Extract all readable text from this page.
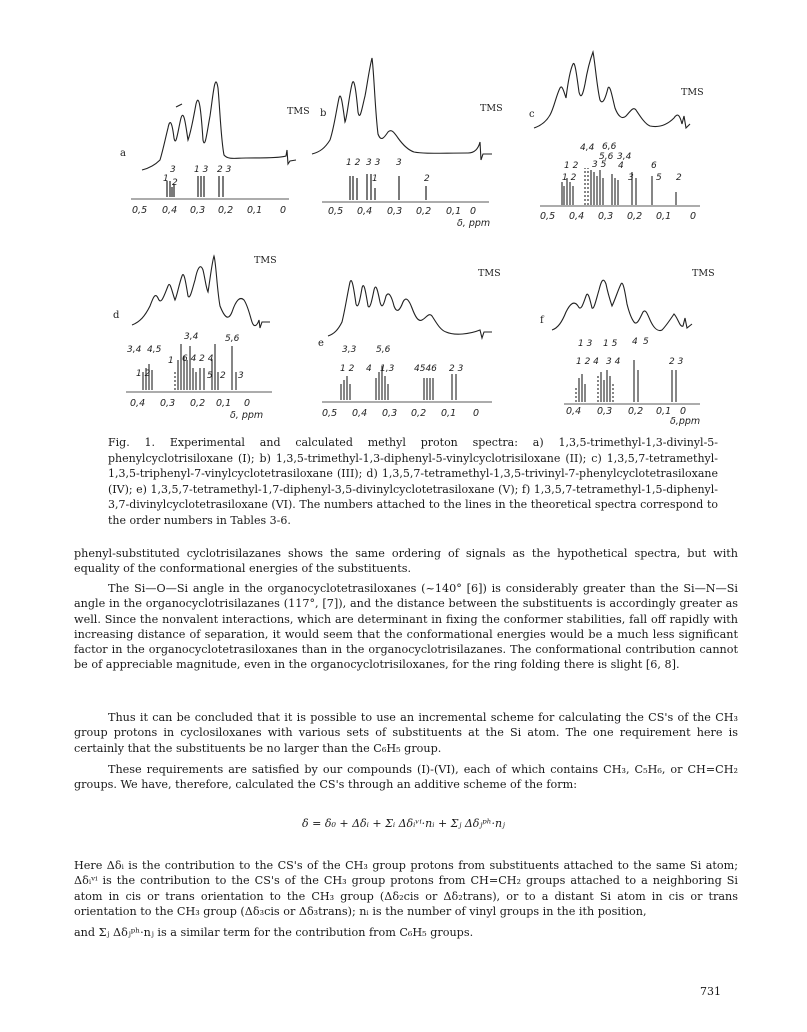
a
TMS
3
1 2
1 3 2 3
0,5 0,4 0,3 0,2 0,1 0
b	TMS
1 2 3 3 3
1	2
0,5 0,4 0,3 0,2 0,1 0
δ, ppm
c
TMS
4,4 6,6
5,6 3,4
1 2 3 5 4	6
1 2	3 5 2
0,5 0,4 0,3 0,2 0,1 0
d
TMS
3,4 4,5
3,4	5,6
1 6 4 2 4
1 2	5 2 3
0,4 0,3 0,2 0,1 0
δ, ppm
e
TMS
3,3 5,6
1 2 4 1,3 4546 2 3
0,5 0,4 0,3 0,2 0,1 0
f
TMS
1 3 1 5 4 5
1 2 4 3 4	2 3
0,4 0,3 0,2 0,1 0
δ,ppm
Fig. 1. Experimental and calculated methyl proton spectra: a) 1,3,5-trimethyl-1,3-divinyl-5-phenylcyclotrisiloxane (I); b) 1,3,5-trimethyl-1,3-diphenyl-5-vinylcyclotrisiloxane (II); c) 1,3,5,7-tetramethyl-1,3,5-triphenyl-7-vinylcyclotetrasiloxane (III); d) 1,3,5,7-tetramethyl-1,3,5-trivinyl-7-phenylcyclotetrasiloxane (IV); e) 1,3,5,7-tetramethyl-1,7-diphenyl-3,5-divinylcyclotetrasiloxane (V); f) 1,3,5,7-tetramethyl-1,5-diphenyl-3,7-divinylcyclotetrasiloxane (VI). The numbers attached to the lines in the theoretical spectra correspond to the order numbers in Tables 3-6.

phenyl-substituted cyclotrisilazanes shows the same ordering of signals as the hypothetical spectra, but with equality of the conformational energies of the substituents.

The Si—O—Si angle in the organocyclotetrasiloxanes (~140° [6]) is considerably greater than the Si—N—Si angle in the organocyclotrisilazanes (117°, [7]), and the distance between the substituents is accordingly greater as well. Since the nonvalent interactions, which are determinant in fixing the conformer stabilities, fall off rapidly with increasing distance of separation, it would seem that the conformational energies would be a much less significant factor in the organocyclotetrasiloxanes than in the organocyclotrisilazanes. The conformational contribution cannot be of appreciable magnitude, even in the organocyclotrisiloxanes, for the ring folding there is slight [6, 8].

Thus it can be concluded that it is possible to use an incremental scheme for calculating the CS's of the CH₃ group protons in cyclosiloxanes with various sets of substituents at the Si atom. The one requirement here is certainly that the substituents be no larger than the C₆H₅ group.

These requirements are satisfied by our compounds (I)-(VI), each of which contains CH₃, C₅H₆, or CH=CH₂ groups. We have, therefore, calculated the CS's through an additive scheme of the form:

δ = δ₀ + Δδᵢ + Σᵢ Δδᵢᵛⁱ·nᵢ + Σⱼ Δδⱼᵖʰ·nⱼ

Here Δδᵢ is the contribution to the CS's of the CH₃ group protons from substituents attached to the same Si atom; Δδᵢᵛⁱ is the contribution to the CS's of the CH₃ group protons from CH=CH₂ groups attached to a neighboring Si atom in cis or trans orientation to the CH₃ group (Δδ₂cis or Δδ₂trans), or to a distant Si atom in cis or trans orientation to the CH₃ group (Δδ₃cis or Δδ₃trans); nᵢ is the number of vinyl groups in the ith position,

and Σⱼ Δδⱼᵖʰ·nⱼ is a similar term for the contribution from C₆H₅ groups.

731
